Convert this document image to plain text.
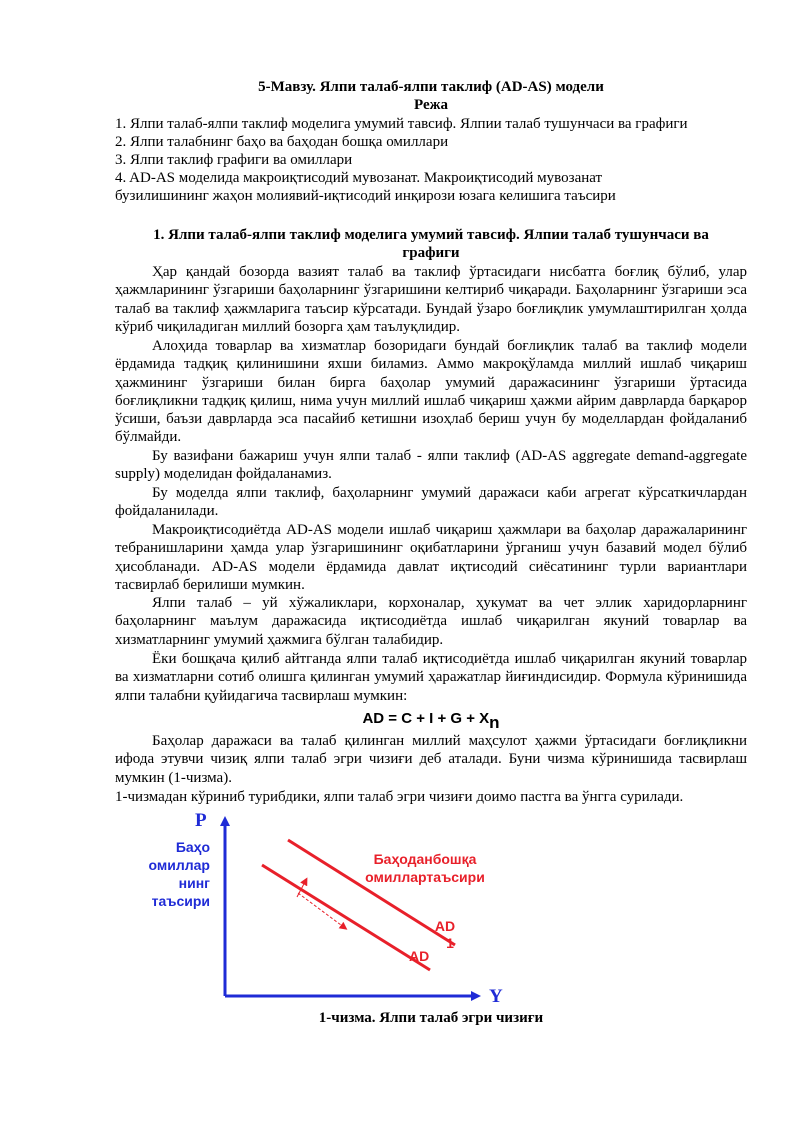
5-Мавзу. Ялпи талаб-ялпи таклиф (AD-AS) модели
Режа
1. Ялпи талаб-ялпи таклиф моделига умумий тавсиф. Ялпии талаб тушунчаси ва графиги
2. Ялпи талабнинг баҳо ва баҳодан бошқа омиллари
3. Ялпи таклиф графиги ва омиллари
4. AD-AS моделида макроиқтисодий мувозанат. Макроиқтисодий мувозанат
бузилишининг жаҳон молиявий-иқтисодий инқирози юзага келишига таъсири
1. Ялпи талаб-ялпи таклиф моделига умумий тавсиф. Ялпии талаб тушунчаси ва графиги
Ҳар қандай бозорда вазият талаб ва таклиф ўртасидаги нисбатга боғлиқ бўлиб, улар ҳажмларининг ўзгариши баҳоларнинг ўзгаришини келтириб чиқаради. Баҳоларнинг ўзгариши эса талаб ва таклиф ҳажмларига таъсир кўрсатади. Бундай ўзаро боғлиқлик умумлаштирилган ҳолда кўриб чиқиладиган миллий бозорга ҳам таълуқлидир.
Алоҳида товарлар ва хизматлар бозоридаги бундай боғлиқлик талаб ва таклиф модели ёрдамида тадқиқ қилинишини яхши биламиз. Аммо макроқўламда миллий ишлаб чиқариш ҳажмининг ўзгариши билан бирга баҳолар умумий даражасининг ўзгариши ўртасида боғлиқликни тадқиқ қилиш, нима учун миллий ишлаб чиқариш ҳажми айрим даврларда барқарор ўсиши, баъзи даврларда эса пасайиб кетишни изоҳлаб бериш учун бу моделлардан фойдаланиб бўлмайди.
Бу вазифани бажариш учун ялпи талаб - ялпи таклиф (AD-AS aggregate demand-aggregate supply) моделидан фойдаланамиз.
Бу моделда ялпи таклиф, баҳоларнинг умумий даражаси каби агрегат кўрсаткичлардан фойдаланилади.
Макроиқтисодиётда AD-AS модели ишлаб чиқариш ҳажмлари ва баҳолар даражаларининг тебранишларини ҳамда улар ўзгаришининг оқибатларини ўрганиш учун базавий модел бўлиб ҳисобланади. AD-AS модели ёрдамида давлат иқтисодий сиёсатининг турли вариантлари тасвирлаб берилиши мумкин.
Ялпи талаб – уй хўжаликлари, корхоналар, ҳукумат ва чет эллик харидорларнинг баҳоларнинг маълум даражасида иқтисодиётда ишлаб чиқарилган якуний товарлар ва хизматларнинг умумий ҳажмига бўлган талабидир.
Ёки бошқача қилиб айтганда ялпи талаб иқтисодиётда ишлаб чиқарилган якуний товарлар ва хизматларни сотиб олишга қилинган умумий ҳаражатлар йиғиндисидир. Формула кўринишида ялпи талабни қуйидагича тасвирлаш мумкин:
AD = C + I + G + Xn
Баҳолар даражаси ва талаб қилинган миллий маҳсулот ҳажми ўртасидаги боғлиқликни ифода этувчи чизиқ ялпи талаб эгри чизиғи деб аталади. Буни чизма кўринишида тасвирлаш мумкин (1-чизма).
1-чизмадан кўриниб турибдики, ялпи талаб эгри чизиғи доимо пастга ва ўнгга сурилади.
P
Y
Баҳо
омиллар
нинг
таъсири
Баҳоданбошқа
омиллартаъсири
AD
1
AD
1-чизма. Ялпи талаб эгри чизиғи
